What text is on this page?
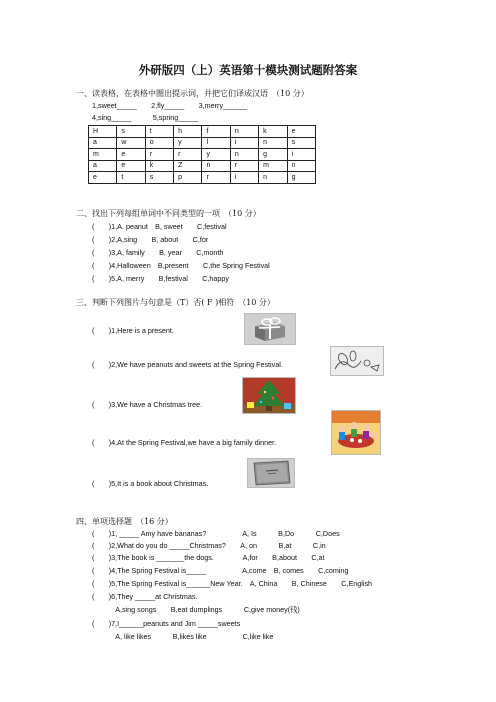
外研版四（上）英语第十模块测试题附答案
一、读表格，在表格中圈出提示词，并把它们译成汉语　（10 分）
1,sweet_____　　2,fly_____　　3,merry______
4,sing_____　　　5,spring_____
H	s	t	h	f	n	k	e
a	w	o	y	l	i	n	s
m	e	r	r	y	n	g	i
a	e	k	Z	n	r	m	n
e	t	s	p	r	i	n	g
二、找出下列每组单词中不同类型的一项　（10 分）
(　　)1,A. peanut　B, sweet　　C,festival
(　　)2,A,sing　　B, about　　C,for
(　　)3,A, family　　B, year　　C,month
(　　)4,Halloween　B,present　　C,the Spring Festival
(　　)5,A, merry　　B,festival　　C,happy
三、判断下列图片与句意是（T）否( F )相符　（10 分）
(　　)1,Here is a present.
(　　)2,We have peanuts and sweets at the Spring Festival.
(　　)3,We have a Christmas tree.
(　　)4,At the Spring Festival,we have a big family dinner.
(　　)5,It is a book about Christmas.
四、单项选择题　（16 分）
(　　)1, _____ Amy have bananas?　　　　　A, Is　　　B,Do　　　C,Does
(　　)2,What do you do _____Christmas?　　A, on　　　B,at　　　C,in
(　　)3,The book is _______the dogs.　　　　A,for　　B,about　　C,at
(　　)4,The Spring Festival is_____　　　　　A,come　B, comes　　C,coming
(　　)5,The Spring Festival is______New Year.　A, China　　B, Chinese　　C,English
(　　)6,They _____at Christmas.
　A,sing songs　　B,eat dumplings　　　C,give money(钱)
(　　)7,I______peanuts and Jim _____sweets
　A, like likes　　　B,likes like　　　　　C,like like
